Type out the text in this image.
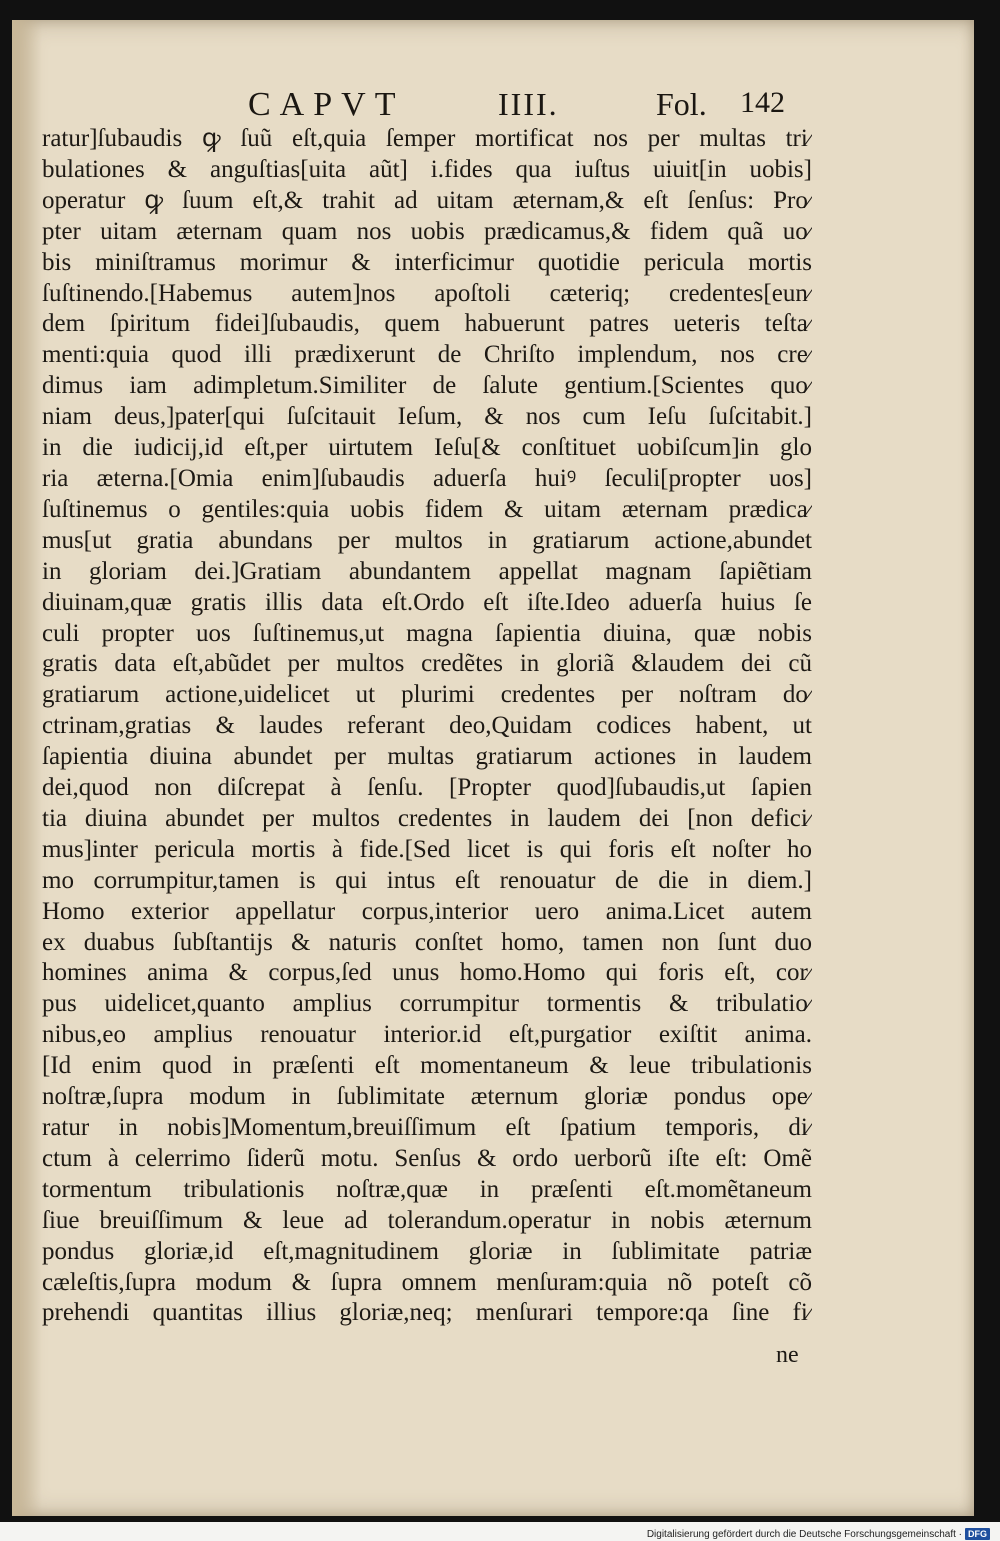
CAPVT	IIII.	Fol. 142
ratur]ſubaudis ꝙ ſuũ eſt,quia ſemper mortificat nos per multas tri∕
bulationes & anguſtias[uita aũt] i.fides qua iuſtus uiuit[in uobis]
operatur ꝙ ſuum eſt,& trahit ad uitam æternam,& eſt ſenſus: Pro∕
pter uitam æternam quam nos uobis prædicamus,& fidem quã uo∕
bis miniſtramus morimur & interficimur quotidie pericula mortis
ſuſtinendo.[Habemus autem]nos apoſtoli cæteriq; credentes[eun∕
dem ſpiritum fidei]ſubaudis, quem habuerunt patres ueteris teſta∕
menti:quia quod illi prædixerunt de Chriſto implendum, nos cre∕
dimus iam adimpletum.Similiter de ſalute gentium.[Scientes quo∕
niam deus,]pater[qui ſuſcitauit Ieſum, & nos cum Ieſu ſuſcitabit.]
in die iudicij,id eſt,per uirtutem Ieſu[& conſtituet uobiſcum]in glo
ria æterna.[Omia enim]ſubaudis aduerſa huiꝰ ſeculi[propter uos]
ſuſtinemus o gentiles:quia uobis fidem & uitam æternam prædica∕
mus[ut gratia abundans per multos in gratiarum actione,abundet
in gloriam dei.]Gratiam abundantem appellat magnam ſapiẽtiam
diuinam,quæ gratis illis data eſt.Ordo eſt iſte.Ideo aduerſa huius ſe
culi propter uos ſuſtinemus,ut magna ſapientia diuina, quæ nobis
gratis data eſt,abũdet per multos credẽtes in gloriã &laudem dei cũ
gratiarum actione,uidelicet ut plurimi credentes per noſtram do∕
ctrinam,gratias & laudes referant deo,Quidam codices habent, ut
ſapientia diuina abundet per multas gratiarum actiones in laudem
dei,quod non diſcrepat à ſenſu. [Propter quod]ſubaudis,ut ſapien
tia diuina abundet per multos credentes in laudem dei [non defici∕
mus]inter pericula mortis à fide.[Sed licet is qui foris eſt noſter ho
mo corrumpitur,tamen is qui intus eſt renouatur de die in diem.]
Homo exterior appellatur corpus,interior uero anima.Licet autem
ex duabus ſubſtantijs & naturis conſtet homo, tamen non ſunt duo
homines anima & corpus,ſed unus homo.Homo qui foris eſt, cor∕
pus uidelicet,quanto amplius corrumpitur tormentis & tribulatio∕
nibus,eo amplius renouatur interior.id eſt,purgatior exiſtit anima.
[Id enim quod in præſenti eſt momentaneum & leue tribulationis
noſtræ,ſupra modum in ſublimitate æternum gloriæ pondus ope∕
ratur in nobis]Momentum,breuiſſimum eſt ſpatium temporis, di∕
ctum à celerrimo ſiderũ motu. Senſus & ordo uerborũ iſte eſt: Omẽ
tormentum tribulationis noſtræ,quæ in præſenti eſt.momẽtaneum
ſiue breuiſſimum & leue ad tolerandum.operatur in nobis æternum
pondus gloriæ,id eſt,magnitudinem gloriæ in ſublimitate patriæ
cæleſtis,ſupra modum & ſupra omnem menſuram:quia nõ poteſt cõ
prehendi quantitas illius gloriæ,neq; menſurari tempore:qa ſine fi∕
ne
Digitalisierung gefördert durch die Deutsche Forschungsgemeinschaft · DFG
